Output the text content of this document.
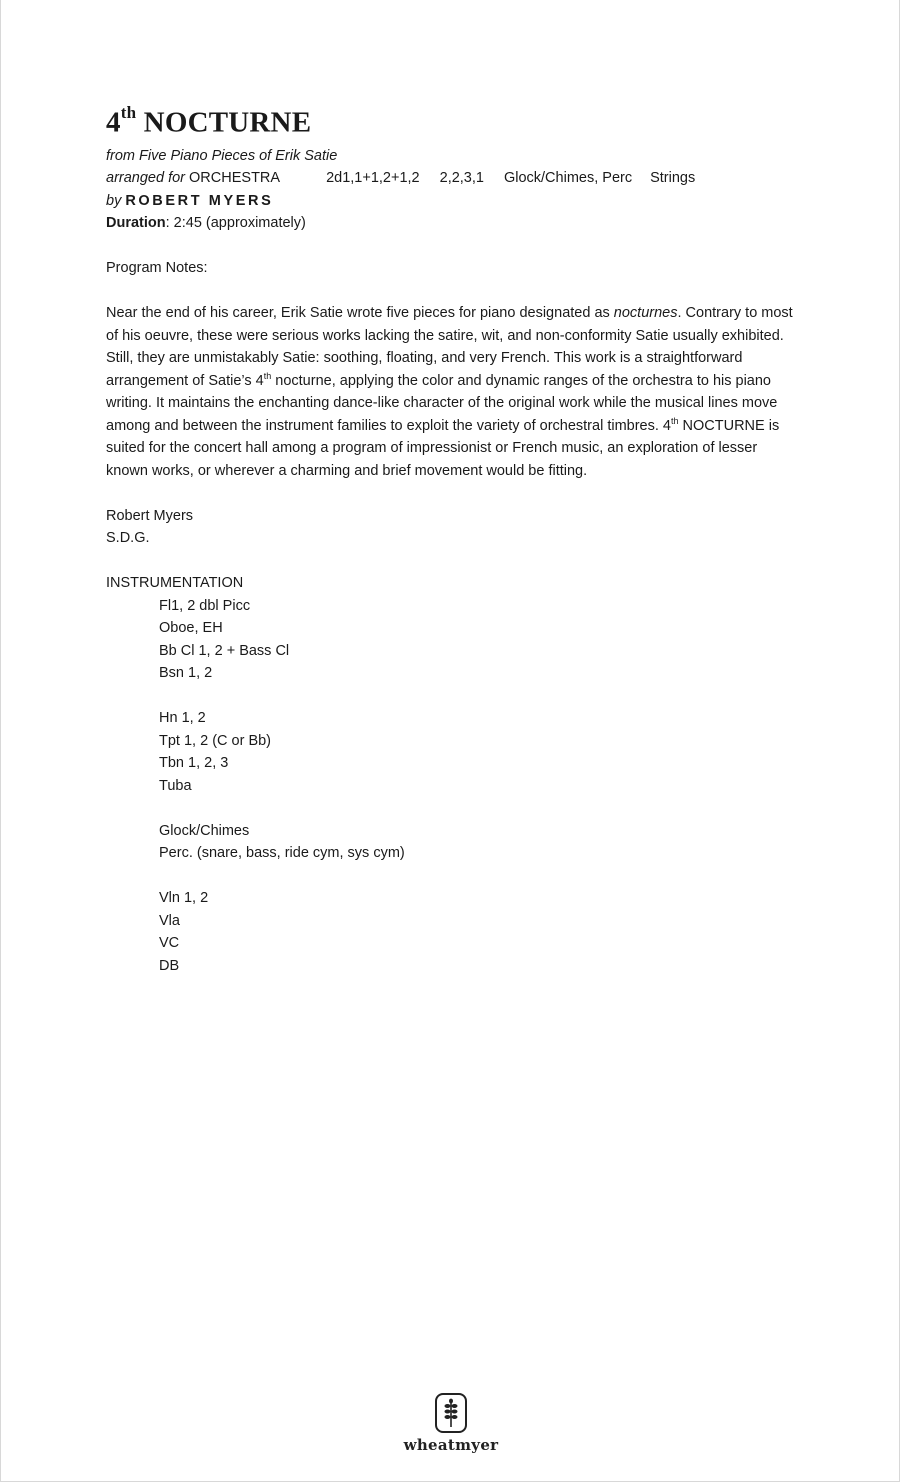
4th NOCTURNE
from Five Piano Pieces of Erik Satie
arranged for ORCHESTRA	2d1,1+1,2+1,2 2,2,3,1 Glock/Chimes, Perc Strings
by ROBERT MYERS
Duration: 2:45 (approximately)
Program Notes:

Near the end of his career, Erik Satie wrote five pieces for piano designated as nocturnes. Contrary to most of his oeuvre, these were serious works lacking the satire, wit, and non-conformity Satie usually exhibited. Still, they are unmistakably Satie: soothing, floating, and very French. This work is a straightforward arrangement of Satie’s 4th nocturne, applying the color and dynamic ranges of the orchestra to his piano writing. It maintains the enchanting dance-like character of the original work while the musical lines move among and between the instrument families to exploit the variety of orchestral timbres. 4th NOCTURNE is suited for the concert hall among a program of impressionist or French music, an exploration of lesser known works, or wherever a charming and brief movement would be fitting.

Robert Myers
S.D.G.
INSTRUMENTATION
Fl1, 2 dbl Picc
Oboe, EH
Bb Cl 1, 2 + Bass Cl
Bsn 1, 2
Hn 1, 2
Tpt 1, 2 (C or Bb)
Tbn 1, 2, 3
Tuba
Glock/Chimes
Perc. (snare, bass, ride cym, sys cym)
Vln 1, 2
Vla
VC
DB
wheatmyer
